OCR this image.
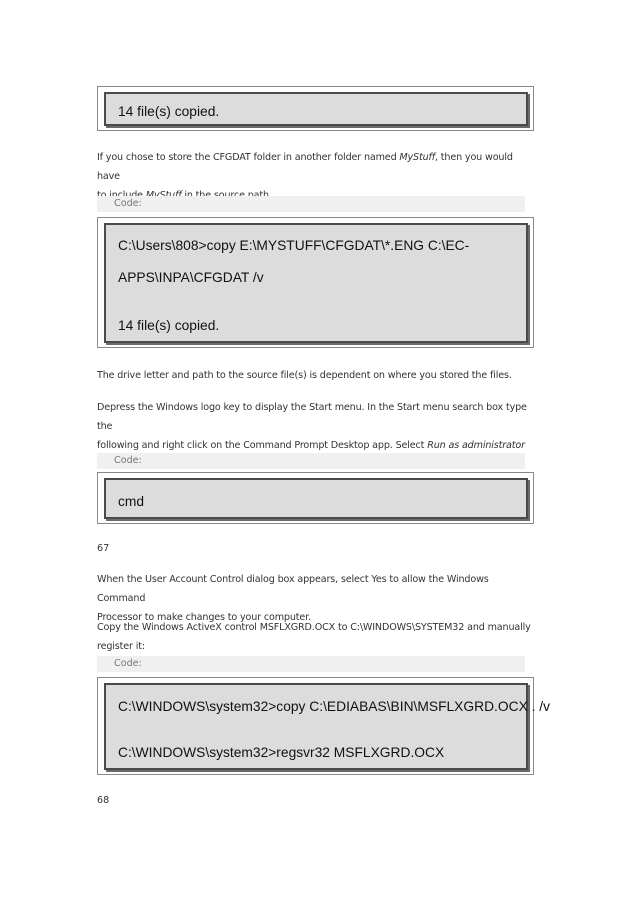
14 file(s) copied.
If you chose to store the CFGDAT folder in another folder named MyStuff, then you would have
Code:
C:\Users\808>copy E:\MYSTUFF\CFGDAT\*.ENG C:\EC-
APPS\INPA\CFGDAT /v
14 file(s) copied.
The drive letter and path to the source file(s) is dependent on where you stored the files.
Depress the Windows logo key to display the Start menu. In the Start menu search box type the
following and right click on the Command Prompt Desktop app. Select Run as administrator
Code:
cmd
67
When the User Account Control dialog box appears, select Yes to allow the Windows Command
Processor to make changes to your computer.
Copy the Windows ActiveX control MSFLXGRD.OCX to C:\WINDOWS\SYSTEM32 and manually
register it:
Code:
C:\WINDOWS\system32>copy C:\EDIABAS\BIN\MSFLXGRD.OCX . /v
C:\WINDOWS\system32>regsvr32 MSFLXGRD.OCX
68
